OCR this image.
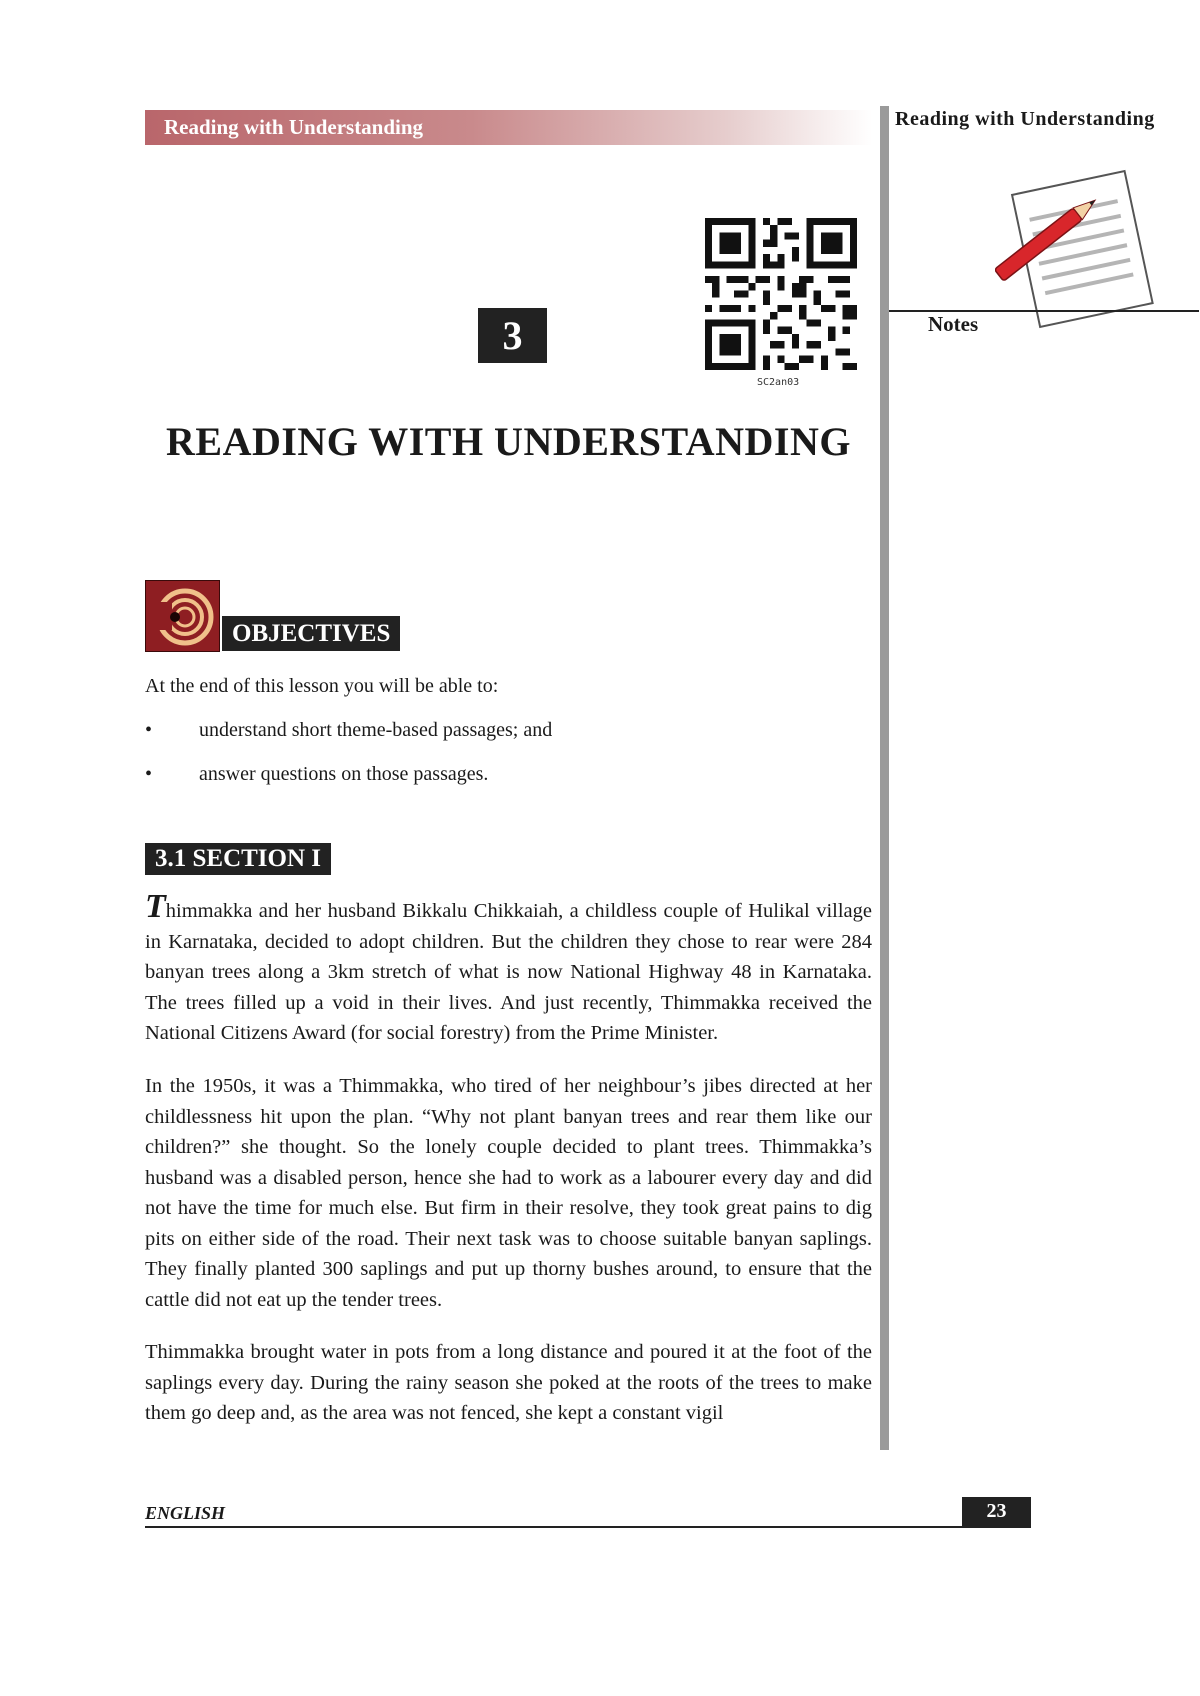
Reading with Understanding	Reading with Understanding
Notes
3
SC2an03
READING WITH UNDERSTANDING
OBJECTIVES
At the end of this lesson you will be able to:
• understand short theme-based passages; and
• answer questions on those passages.
3.1 SECTION I

Thimmakka and her husband Bikkalu Chikkaiah, a childless couple of Hulikal village in Karnataka, decided to adopt children. But the children they chose to rear were 284 banyan trees along a 3km stretch of what is now National Highway 48 in Karnataka. The trees filled up a void in their lives. And just recently, Thimmakka received the National Citizens Award (for social forestry) from the Prime Minister.

In the 1950s, it was a Thimmakka, who tired of her neighbour’s jibes directed at her childlessness hit upon the plan. “Why not plant banyan trees and rear them like our children?” she thought. So the lonely couple decided to plant trees. Thimmakka’s husband was a disabled person, hence she had to work as a labourer every day and did not have the time for much else. But firm in their resolve, they took great pains to dig pits on either side of the road. Their next task was to choose suitable banyan saplings. They finally planted 300 saplings and put up thorny bushes around, to ensure that the cattle did not eat up the tender trees.

Thimmakka brought water in pots from a long distance and poured it at the foot of the saplings every day. During the rainy season she poked at the roots of the trees to make them go deep and, as the area was not fenced, she kept a constant vigil

ENGLISH	23
